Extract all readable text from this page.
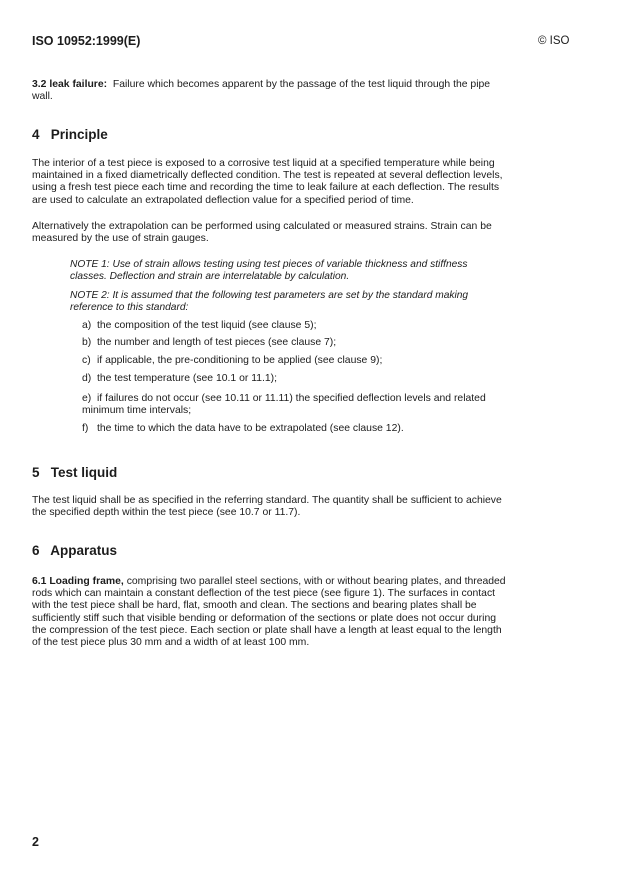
ISO 10952:1999(E)	© ISO

3.2 leak failure: Failure which becomes apparent by the passage of the test liquid through the pipe wall.

4 Principle

The interior of a test piece is exposed to a corrosive test liquid at a specified temperature while being maintained in a fixed diametrically deflected condition. The test is repeated at several deflection levels, using a fresh test piece each time and recording the time to leak failure at each deflection. The results are used to calculate an extrapolated deflection value for a specified period of time.

Alternatively the extrapolation can be performed using calculated or measured strains. Strain can be measured by the use of strain gauges.

NOTE 1: Use of strain allows testing using test pieces of variable thickness and stiffness classes. Deflection and strain are interrelatable by calculation.

NOTE 2: It is assumed that the following test parameters are set by the standard making reference to this standard:

a) the composition of the test liquid (see clause 5);

b) the number and length of test pieces (see clause 7);

c) if applicable, the pre-conditioning to be applied (see clause 9);

d) the test temperature (see 10.1 or 11.1);

e) if failures do not occur (see 10.11 or 11.11) the specified deflection levels and related minimum time intervals;

f) the time to which the data have to be extrapolated (see clause 12).

5 Test liquid

The test liquid shall be as specified in the referring standard. The quantity shall be sufficient to achieve the specified depth within the test piece (see 10.7 or 11.7).

6 Apparatus

6.1 Loading frame, comprising two parallel steel sections, with or without bearing plates, and threaded rods which can maintain a constant deflection of the test piece (see figure 1). The surfaces in contact with the test piece shall be hard, flat, smooth and clean. The sections and bearing plates shall be sufficiently stiff such that visible bending or deformation of the sections or plate does not occur during the compression of the test piece. Each section or plate shall have a length at least equal to the length of the test piece plus 30 mm and a width of at least 100 mm.

2
